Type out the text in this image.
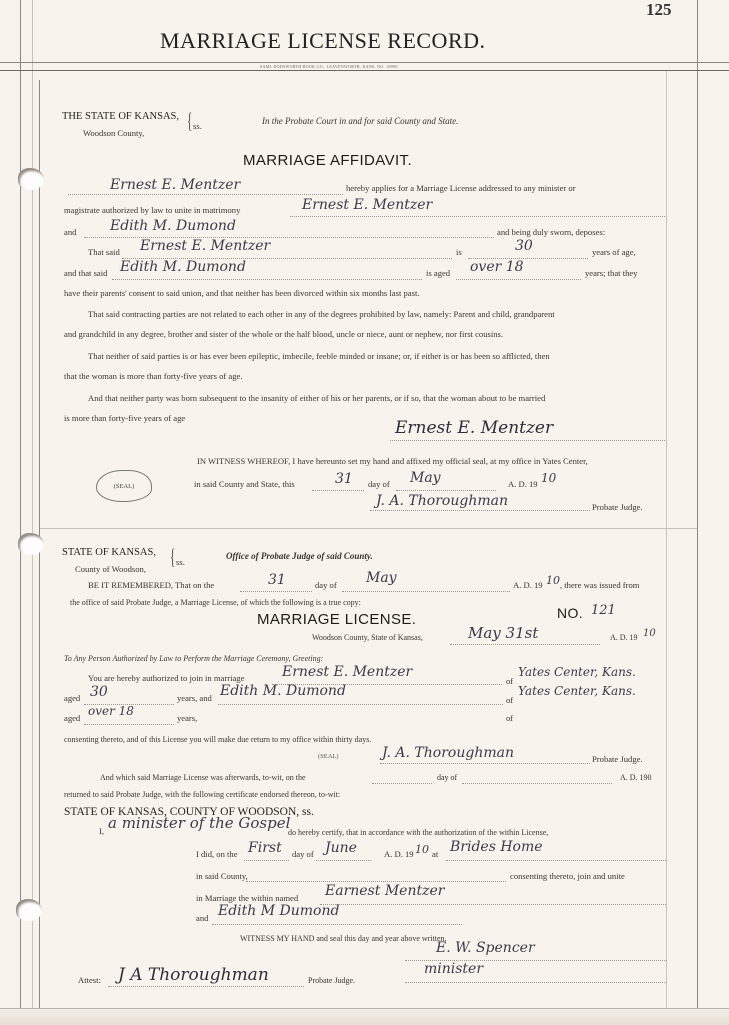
125
MARRIAGE LICENSE RECORD.
SAML DODSWORTH BOOK CO., LEAVENWORTH, KANS. NO. 18090
THE STATE OF KANSAS,
Woodson County, { ss.	In the Probate Court in and for said County and State.
MARRIAGE AFFIDAVIT.
Ernest E. Mentzer	hereby applies for a Marriage License addressed to any minister or
magistrate authorized by law to unite in matrimony	Ernest E. Mentzer
and Edith M. Dumond	and being duly sworn, deposes:
That said Ernest E. Mentzer	is	30	years of age,
and that said Edith M. Dumond	is aged over 18	years; that they
have their parents' consent to said union, and that neither has been divorced within six months last past.
That said contracting parties are not related to each other in any of the degrees prohibited by law, namely: Parent and child, grandparent
and grandchild in any degree, brother and sister of the whole or the half blood, uncle or niece, aunt or nephew, nor first cousins.
That neither of said parties is or has ever been epileptic, imbecile, feeble minded or insane; or, if either is or has been so afflicted, then
that the woman is more than forty-five years of age.
And that neither party was born subsequent to the insanity of either of his or her parents, or if so, that the woman about to be married
is more than forty-five years of age	Ernest E. Mentzer
IN WITNESS WHEREOF, I have hereunto set my hand and affixed my official seal, at my office in Yates Center,
(SEAL)	in said County and State, this	31 day of May	A. D. 19 10
J. A. Thoroughman	Probate Judge.
STATE OF KANSAS,
County of Woodson, { ss.
Office of Probate Judge of said County.
BE IT REMEMBERED, That on the	31	day of May	A. D. 19 10 , there was issued from
the office of said Probate Judge, a Marriage License, of which the following is a true copy:
MARRIAGE LICENSE.	NO. 121
Woodson County, State of Kansas,	May 31st	A. D. 19 10
To Any Person Authorized by Law to Perform the Marriage Ceremony, Greeting:
You are hereby authorized to join in marriage	Ernest E. Mentzer
of
Yates Center, Kans.
aged 30	years, and Edith M. Dumond
of
Yates Center, Kans.
aged over 18	years,	of
consenting thereto, and of this License you will make due return to my office within thirty days.
(SEAL)	J. A. Thoroughman	Probate Judge.
And which said Marriage License was afterwards, to-wit, on the	day of	A. D. 190
returned to said Probate Judge, with the following certificate endorsed thereon, to-wit:
STATE OF KANSAS, COUNTY OF WOODSON, ss.
I, a minister of the Gospel
do hereby certify, that in accordance with the authorization of the within License,
I did, on the First day of June	A. D. 19 10 at Brides Home
in said County,	consenting thereto, join and unite
in Marriage the within named Earnest Mentzer
and Edith M Dumond
WITNESS MY HAND and seal this day and year above written.
E. W. Spencer
minister
Attest: J A Thoroughman	Probate Judge.
